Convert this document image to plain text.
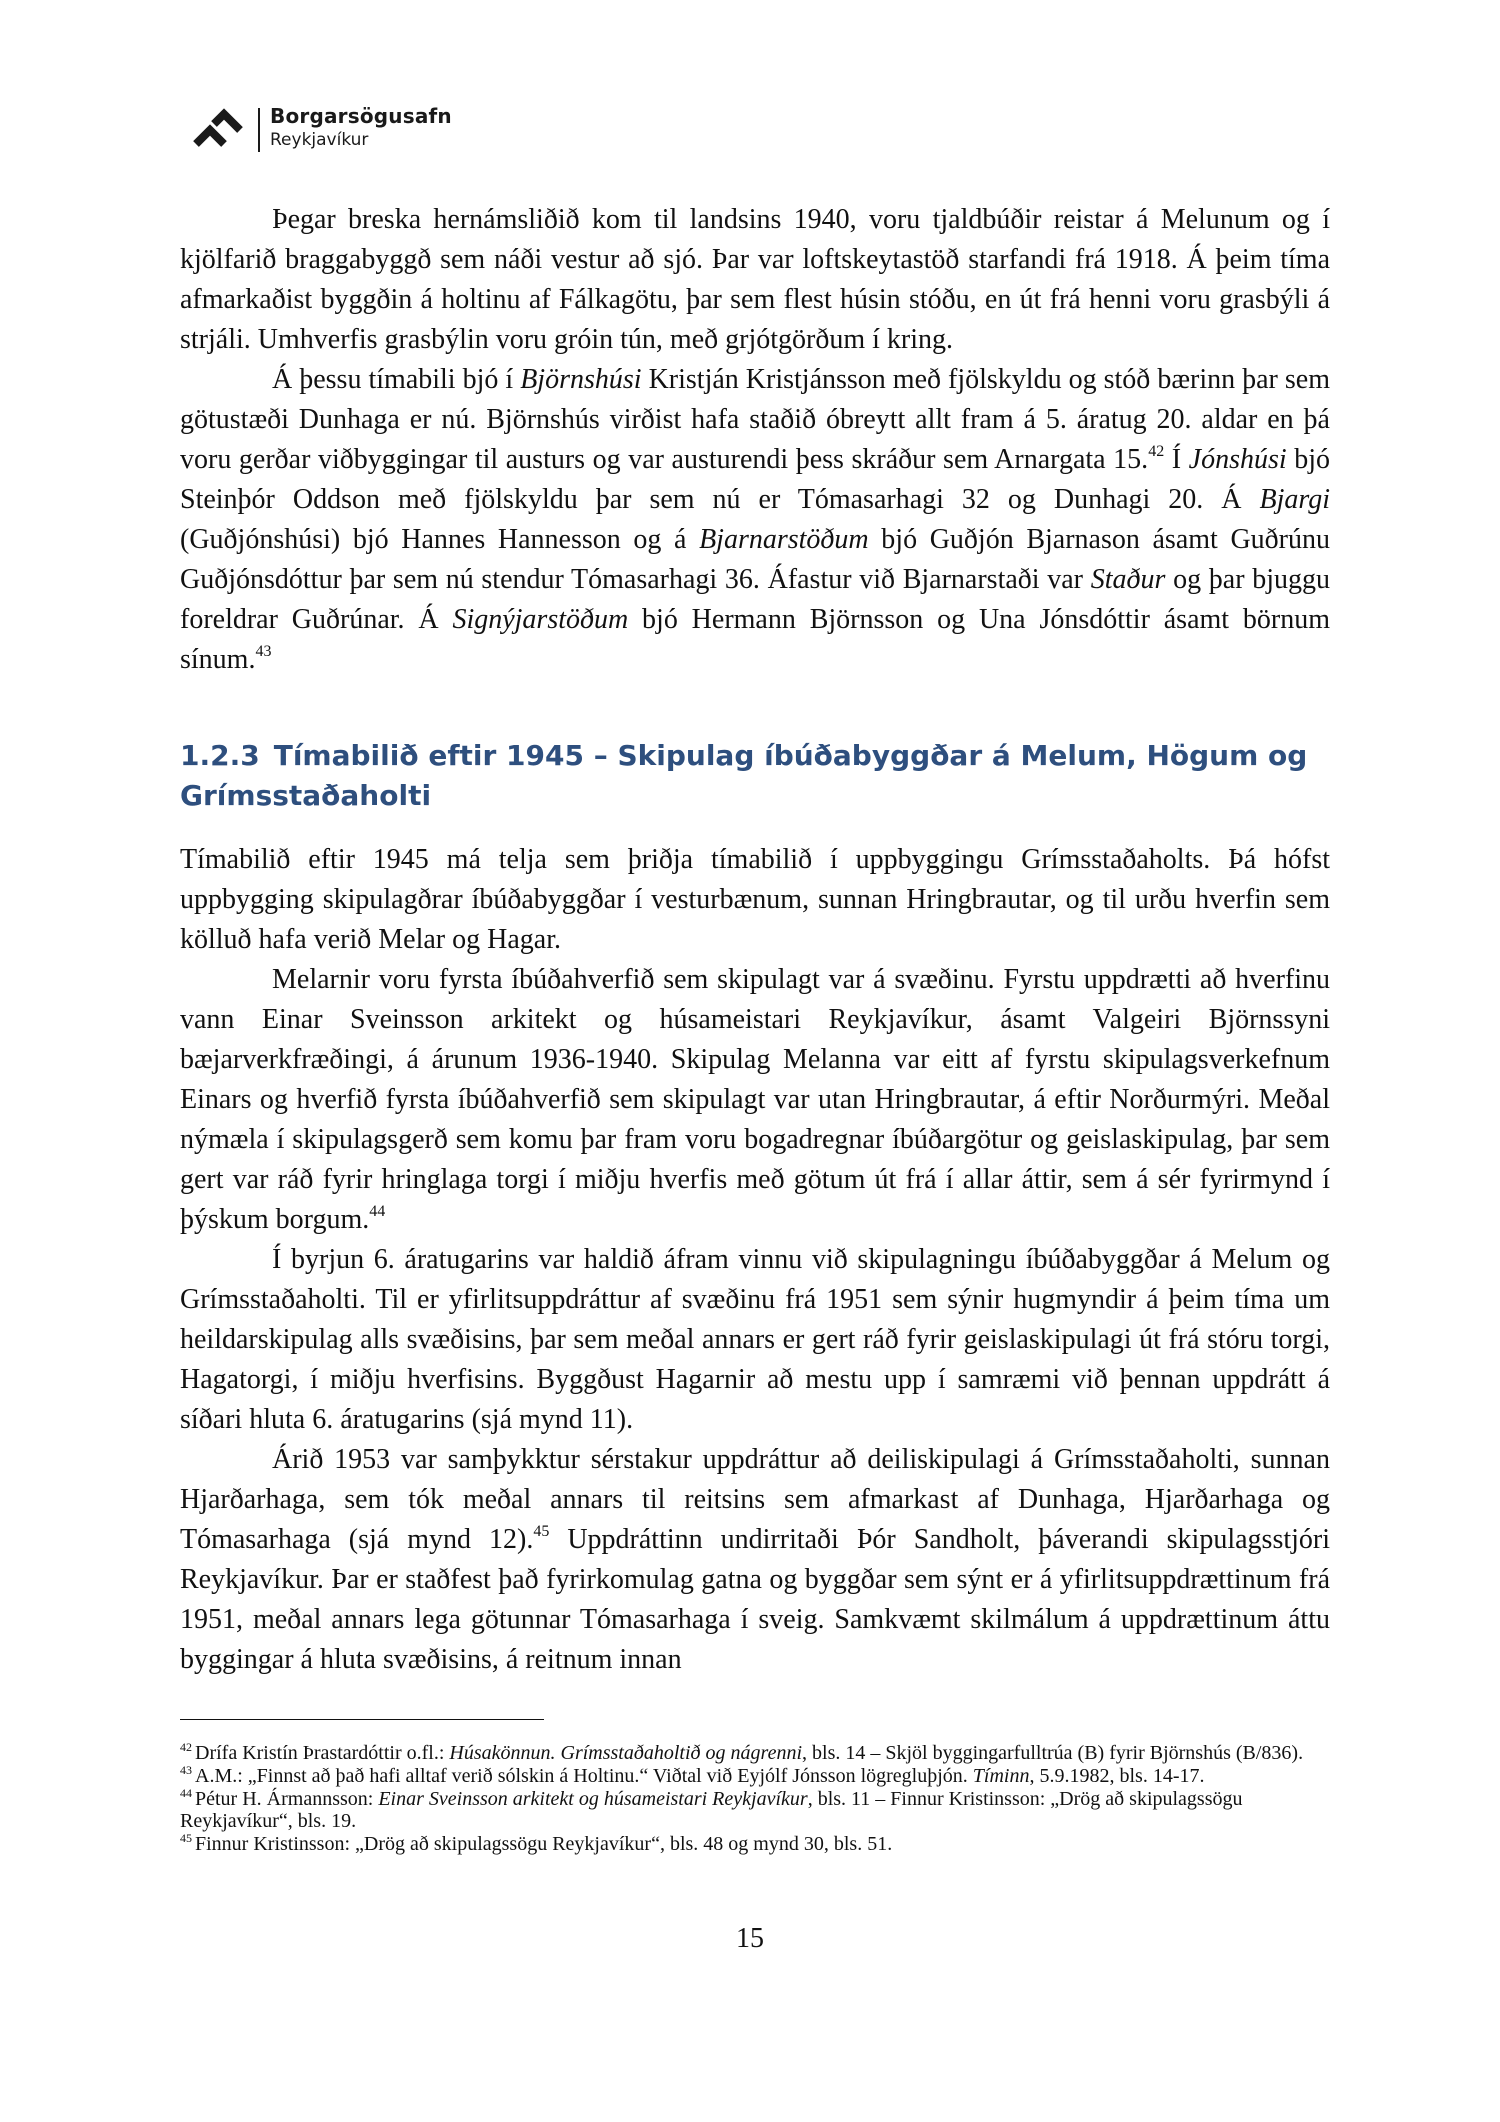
Borgarsögusafn
Reykjavíkur

Þegar breska hernámsliðið kom til landsins 1940, voru tjaldbúðir reistar á Melunum og í kjölfarið braggabyggð sem náði vestur að sjó. Þar var loftskeytastöð starfandi frá 1918. Á þeim tíma afmarkaðist byggðin á holtinu af Fálkagötu, þar sem flest húsin stóðu, en út frá henni voru grasbýli á strjáli. Umhverfis grasbýlin voru gróin tún, með grjótgörðum í kring.

Á þessu tímabili bjó í Björnshúsi Kristján Kristjánsson með fjölskyldu og stóð bærinn þar sem götustæði Dunhaga er nú. Björnshús virðist hafa staðið óbreytt allt fram á 5. áratug 20. aldar en þá voru gerðar viðbyggingar til austurs og var austurendi þess skráður sem Arnargata 15.42 Í Jónshúsi bjó Steinþór Oddson með fjölskyldu þar sem nú er Tómasarhagi 32 og Dunhagi 20. Á Bjargi (Guðjónshúsi) bjó Hannes Hannesson og á Bjarnarstöðum bjó Guðjón Bjarnason ásamt Guðrúnu Guðjónsdóttur þar sem nú stendur Tómasarhagi 36. Áfastur við Bjarnarstaði var Staður og þar bjuggu foreldrar Guðrúnar. Á Signýjarstöðum bjó Hermann Björnsson og Una Jónsdóttir ásamt börnum sínum.$^{43}$

1.2.3 Tímabilið eftir 1945 – Skipulag íbúðabyggðar á Melum, Högum og Grímsstaðaholti

Tímabilið eftir 1945 má telja sem þriðja tímabilið í uppbyggingu Grímsstaðaholts. Þá hófst uppbygging skipulagðrar íbúðabyggðar í vesturbænum, sunnan Hringbrautar, og til urðu hverfin sem kölluð hafa verið Melar og Hagar.

Melarnir voru fyrsta íbúðahverfið sem skipulagt var á svæðinu. Fyrstu uppdrætti að hverfinu vann Einar Sveinsson arkitekt og húsameistari Reykjavíkur, ásamt Valgeiri Björnssyni bæjarverkfræðingi, á árunum 1936-1940. Skipulag Melanna var eitt af fyrstu skipulagsverkefnum Einars og hverfið fyrsta íbúðahverfið sem skipulagt var utan Hringbrautar, á eftir Norðurmýri. Meðal nýmæla í skipulagsgerð sem komu þar fram voru bogadregnar íbúðargötur og geislaskipulag, þar sem gert var ráð fyrir hringlaga torgi í miðju hverfis með götum út frá í allar áttir, sem á sér fyrirmynd í þýskum borgum.$^{44}$

Í byrjun 6. áratugarins var haldið áfram vinnu við skipulagningu íbúðabyggðar á Melum og Grímsstaðaholti. Til er yfirlitsuppdráttur af svæðinu frá 1951 sem sýnir hugmyndir á þeim tíma um heildarskipulag alls svæðisins, þar sem meðal annars er gert ráð fyrir geislaskipulagi út frá stóru torgi, Hagatorgi, í miðju hverfisins. Byggðust Hagarnir að mestu upp í samræmi við þennan uppdrátt á síðari hluta 6. áratugarins (sjá mynd 11).

Árið 1953 var samþykktur sérstakur uppdráttur að deiliskipulagi á Grímsstaðaholti, sunnan Hjarðarhaga, sem tók meðal annars til reitsins sem afmarkast af Dunhaga, Hjarðarhaga og Tómasarhaga (sjá mynd 12).$^{45}$ Uppdráttinn undirritaði Þór Sandholt, þáverandi skipulagsstjóri Reykjavíkur. Þar er staðfest það fyrirkomulag gatna og byggðar sem sýnt er á yfirlitsuppdrættinum frá 1951, meðal annars lega götunnar Tómasarhaga í sveig. Samkvæmt skilmálum á uppdrættinum áttu byggingar á hluta svæðisins, á reitnum innan

$^{42}$ Drífa Kristín Þrastardóttir o.fl.: Húsakönnun. Grímsstaðaholtið og nágrenni, bls. 14 – Skjöl byggingarfulltrúa (B) fyrir Björnshús (B/836).

$^{43}$ A.M.: „Finnst að það hafi alltaf verið sólskin á Holtinu.“ Viðtal við Eyjólf Jónsson lögregluþjón. Tíminn, 5.9.1982, bls. 14-17.

$^{44}$ Pétur H. Ármannsson: Einar Sveinsson arkitekt og húsameistari Reykjavíkur, bls. 11 – Finnur Kristinsson: „Drög að skipulagssögu Reykjavíkur“, bls. 19.

$^{45}$ Finnur Kristinsson: „Drög að skipulagssögu Reykjavíkur“, bls. 48 og mynd 30, bls. 51.

15
